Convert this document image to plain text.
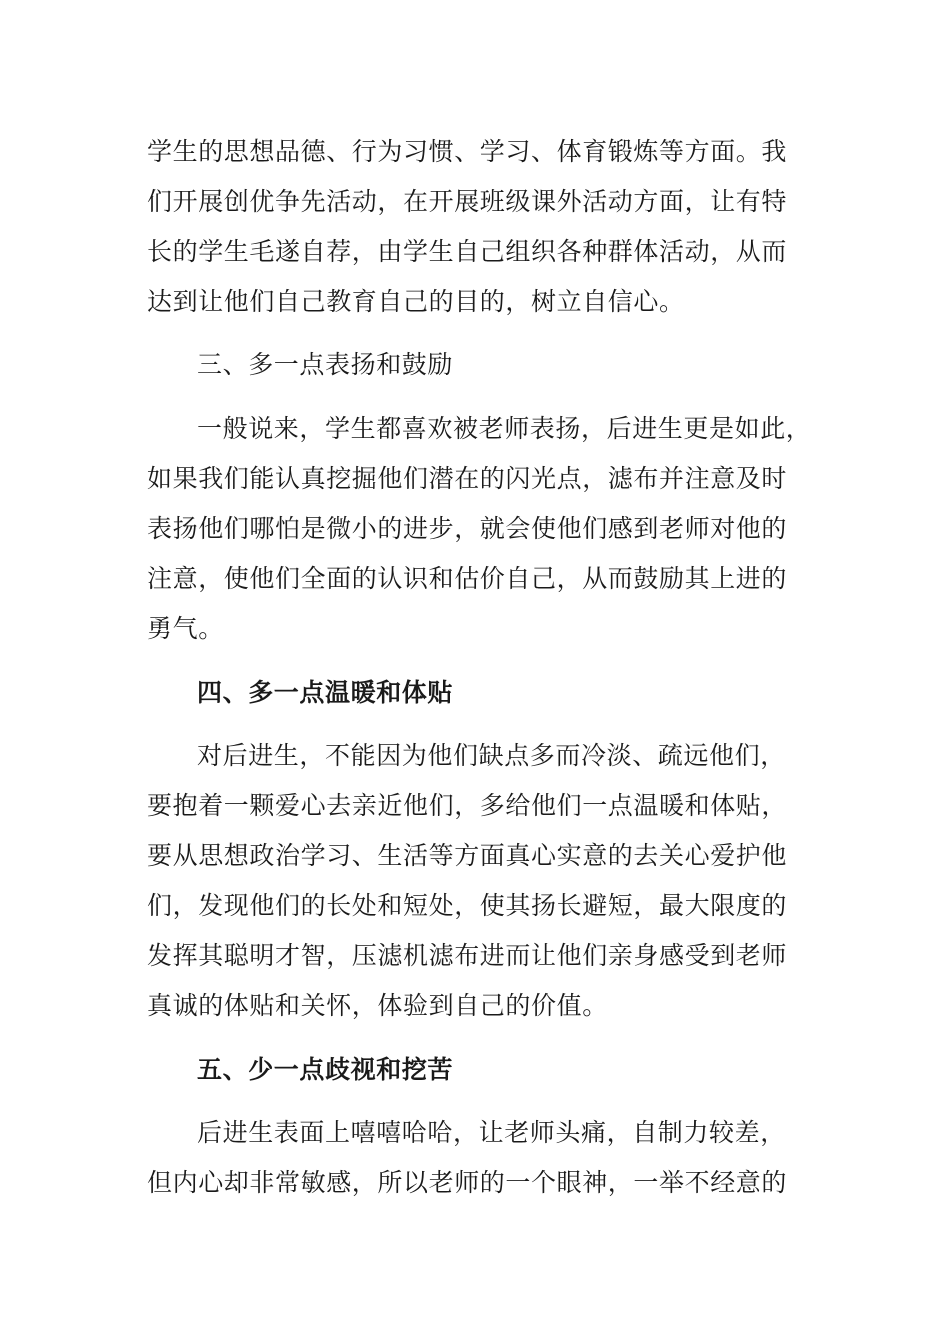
学生的思想品德、行为习惯、学习、体育锻炼等方面。我
们开展创优争先活动，在开展班级课外活动方面，让有特
长的学生毛遂自荐，由学生自己组织各种群体活动，从而
达到让他们自己教育自己的目的，树立自信心。
三、多一点表扬和鼓励
一般说来，学生都喜欢被老师表扬，后进生更是如此，
如果我们能认真挖掘他们潜在的闪光点，滤布并注意及时
表扬他们哪怕是微小的进步，就会使他们感到老师对他的
注意，使他们全面的认识和估价自己，从而鼓励其上进的
勇气。
四、多一点温暖和体贴
对后进生，不能因为他们缺点多而冷淡、疏远他们，
要抱着一颗爱心去亲近他们，多给他们一点温暖和体贴，
要从思想政治学习、生活等方面真心实意的去关心爱护他
们，发现他们的长处和短处，使其扬长避短，最大限度的
发挥其聪明才智，压滤机滤布进而让他们亲身感受到老师
真诚的体贴和关怀，体验到自己的价值。
五、少一点歧视和挖苦
后进生表面上嘻嘻哈哈，让老师头痛，自制力较差，
但内心却非常敏感，所以老师的一个眼神，一举不经意的
